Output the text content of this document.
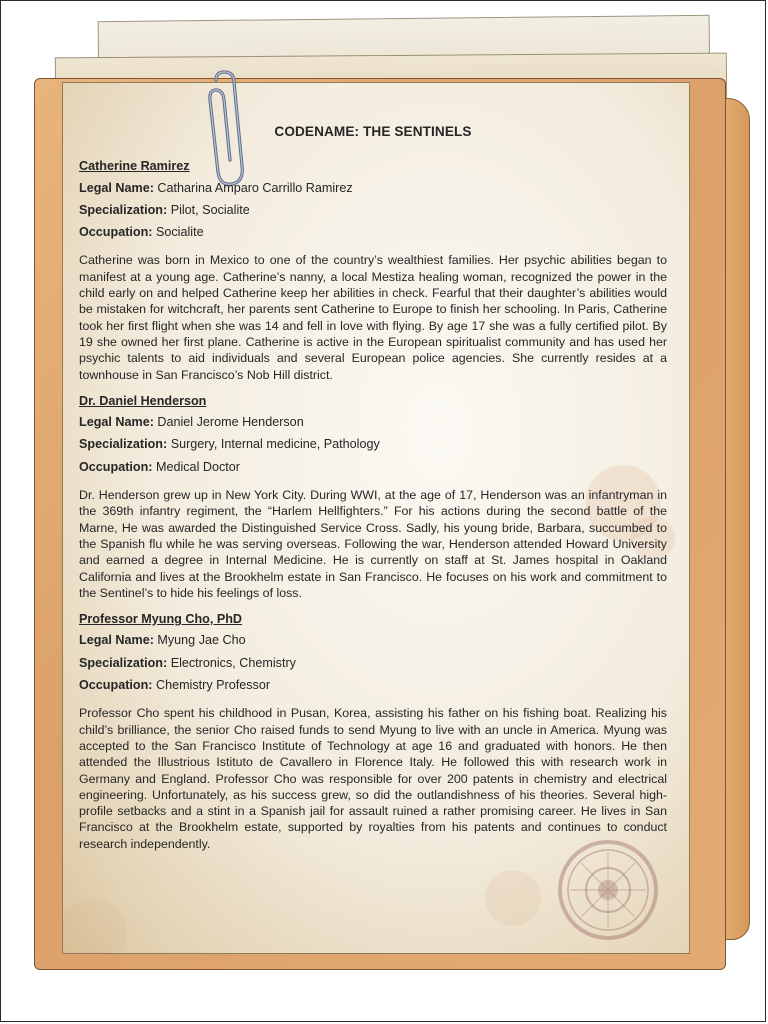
CODENAME: THE SENTINELS
Catherine Ramirez
Legal Name: Catharina Amparo Carrillo Ramirez
Specialization: Pilot, Socialite
Occupation: Socialite
Catherine was born in Mexico to one of the country’s wealthiest families. Her psychic abilities began to manifest at a young age. Catherine’s nanny, a local Mestiza healing woman, recognized the power in the child early on and helped Catherine keep her abilities in check. Fearful that their daughter’s abilities would be mistaken for witchcraft, her parents sent Catherine to Europe to finish her schooling. In Paris, Catherine took her first flight when she was 14 and fell in love with flying. By age 17 she was a fully certified pilot. By 19 she owned her first plane. Catherine is active in the European spiritualist community and has used her psychic talents to aid individuals and several European police agencies. She currently resides at a townhouse in San Francisco’s Nob Hill district.
Dr. Daniel Henderson
Legal Name: Daniel Jerome Henderson
Specialization: Surgery, Internal medicine, Pathology
Occupation: Medical Doctor
Dr. Henderson grew up in New York City. During WWI, at the age of 17, Henderson was an infantryman in the 369th infantry regiment, the “Harlem Hellfighters.” For his actions during the second battle of the Marne, He was awarded the Distinguished Service Cross. Sadly, his young bride, Barbara, succumbed to the Spanish flu while he was serving overseas. Following the war, Henderson attended Howard University and earned a degree in Internal Medicine. He is currently on staff at St. James hospital in Oakland California and lives at the Brookhelm estate in San Francisco. He focuses on his work and commitment to the Sentinel’s to hide his feelings of loss.
Professor Myung Cho, PhD
Legal Name: Myung Jae Cho
Specialization: Electronics, Chemistry
Occupation: Chemistry Professor
Professor Cho spent his childhood in Pusan, Korea, assisting his father on his fishing boat. Realizing his child’s brilliance, the senior Cho raised funds to send Myung to live with an uncle in America. Myung was accepted to the San Francisco Institute of Technology at age 16 and graduated with honors. He then attended the Illustrious Istituto de Cavallero in Florence Italy. He followed this with research work in Germany and England. Professor Cho was responsible for over 200 patents in chemistry and electrical engineering. Unfortunately, as his success grew, so did the outlandishness of his theories. Several high-profile setbacks and a stint in a Spanish jail for assault ruined a rather promising career. He lives in San Francisco at the Brookhelm estate, supported by royalties from his patents and continues to conduct research independently.
